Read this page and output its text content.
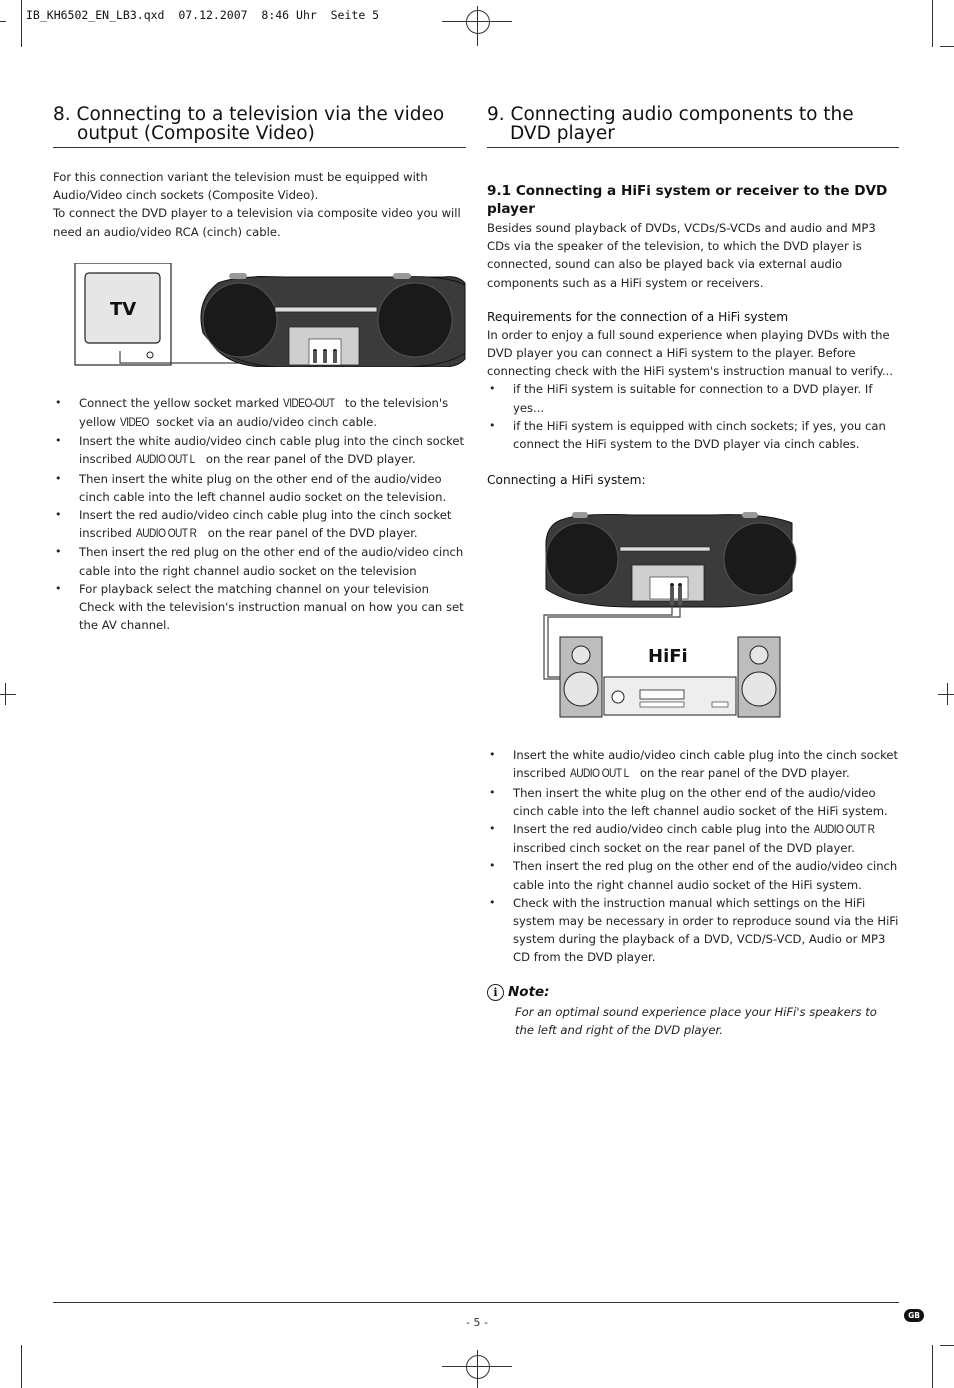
IB_KH6502_EN_LB3.qxd  07.12.2007  8:46 Uhr  Seite 5
8. Connecting to a television via the video output (Composite Video)

For this connection variant the television must be equipped with Audio/Video cinch sockets (Composite Video).

To connect the DVD player to a television via composite video you will need an audio/video RCA (cinch) cable.

TV
• Connect the yellow socket marked VIDEO-OUT to the television's yellow VIDEO socket via an audio/video cinch cable.
• Insert the white audio/video cinch cable plug into the cinch socket inscribed AUDIO OUT L on the rear panel of the DVD player.
• Then insert the white plug on the other end of the audio/video cinch cable into the left channel audio socket on the television.
• Insert the red audio/video cinch cable plug into the cinch socket inscribed AUDIO OUT R on the rear panel of the DVD player.
• Then insert the red plug on the other end of the audio/video cinch cable into the right channel audio socket on the television
• For playback select the matching channel on your television Check with the television's instruction manual on how you can set the AV channel.
9. Connecting audio components to the DVD player
9.1 Connecting a HiFi system or receiver to the DVD player

Besides sound playback of DVDs, VCDs/S-VCDs and audio and MP3 CDs via the speaker of the television, to which the DVD player is connected, sound can also be played back via external audio components such as a HiFi system or receivers.

Requirements for the connection of a HiFi system

In order to enjoy a full sound experience when playing DVDs with the DVD player you can connect a HiFi system to the player. Before connecting check with the HiFi system's instruction manual to verify...

• if the HiFi system is suitable for connection to a DVD player. If yes...
• if the HiFi system is equipped with cinch sockets; if yes, you can connect the HiFi system to the DVD player via cinch cables.
Connecting a HiFi system:
HiFi
• Insert the white audio/video cinch cable plug into the cinch socket inscribed AUDIO OUT L on the rear panel of the DVD player.
• Then insert the white plug on the other end of the audio/video cinch cable into the left channel audio socket of the HiFi system.
• Insert the red audio/video cinch cable plug into the AUDIO OUT R inscribed cinch socket on the rear panel of the DVD player.
• Then insert the red plug on the other end of the audio/video cinch cable into the right channel audio socket of the HiFi system.
• Check with the instruction manual which settings on the HiFi system may be necessary in order to reproduce sound via the HiFi system during the playback of a DVD, VCD/S-VCD, Audio or MP3 CD from the DVD player.
i Note:
For an optimal sound experience place your HiFi's speakers to the left and right of the DVD player.
- 5 -
GB
